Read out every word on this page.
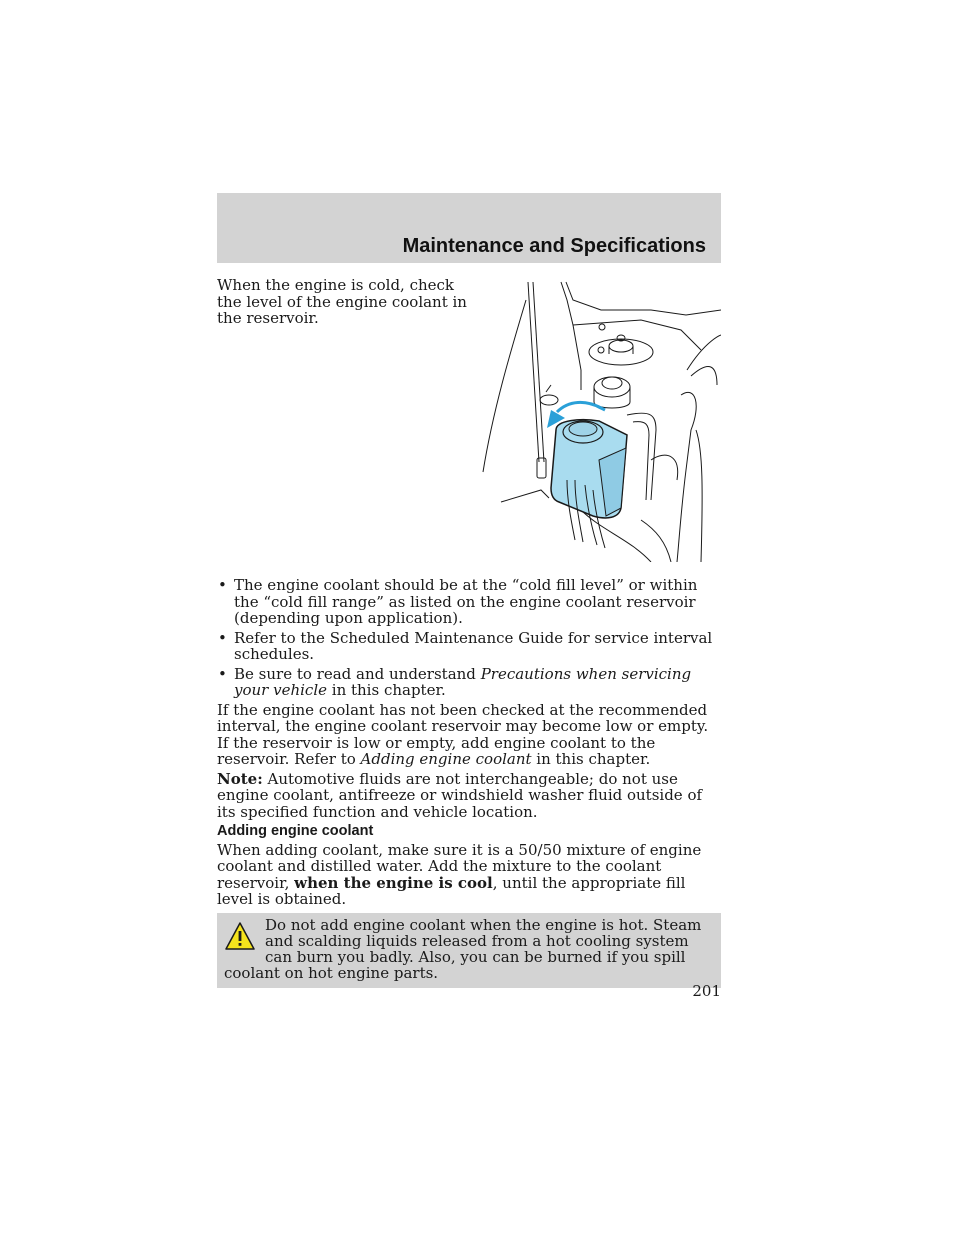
Maintenance and Specifications
When the engine is cold, check the level of the engine coolant in the reservoir.
• The engine coolant should be at the “cold fill level” or within the “cold fill range” as listed on the engine coolant reservoir (depending upon application).
• Refer to the Scheduled Maintenance Guide for service interval schedules.
• Be sure to read and understand Precautions when servicing your vehicle in this chapter.

If the engine coolant has not been checked at the recommended interval, the engine coolant reservoir may become low or empty. If the reservoir is low or empty, add engine coolant to the reservoir. Refer to Adding engine coolant in this chapter.

Note: Automotive fluids are not interchangeable; do not use engine coolant, antifreeze or windshield washer fluid outside of its specified function and vehicle location.

Adding engine coolant

When adding coolant, make sure it is a 50/50 mixture of engine coolant and distilled water. Add the mixture to the coolant reservoir, when the engine is cool, until the appropriate fill level is obtained.

Do not add engine coolant when the engine is hot. Steam and scalding liquids released from a hot cooling system can burn you badly. Also, you can be burned if you spill coolant on hot engine parts.
201
